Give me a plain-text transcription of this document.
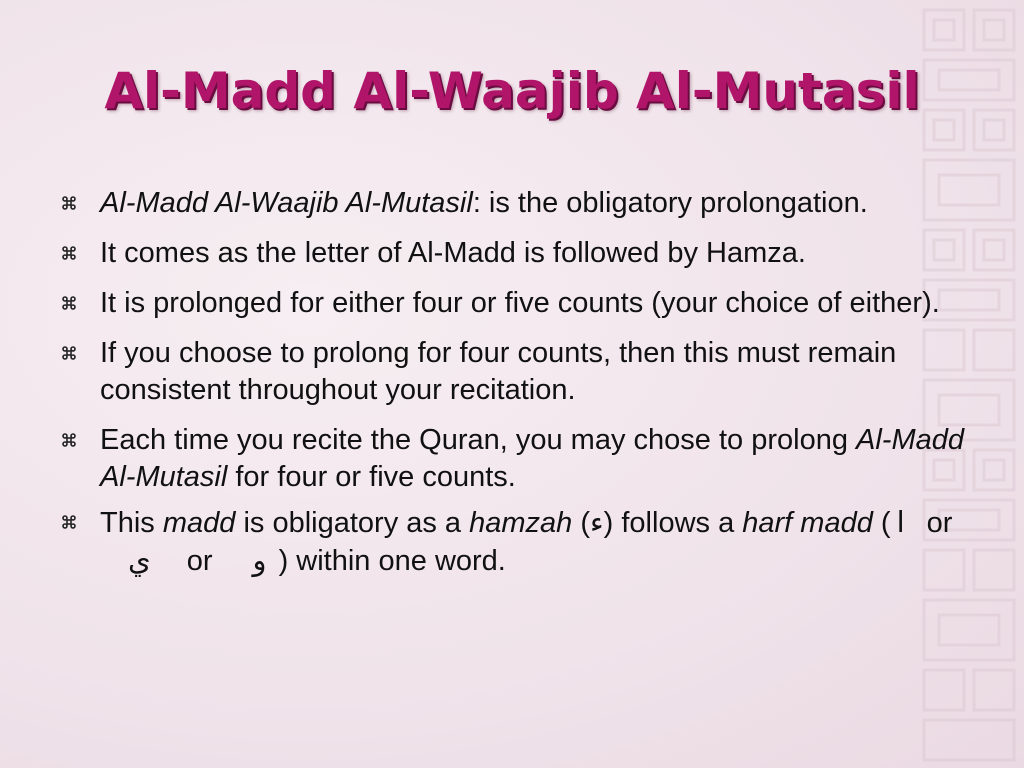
Al-Madd Al-Waajib Al-Mutasil
Al-Madd Al-Waajib Al-Mutasil: is the obligatory prolongation.
It comes as the letter of Al-Madd is followed by Hamza.
It is prolonged for either four or five counts (your choice of either).
If you choose to prolong for four counts, then this must remain consistent throughout your recitation.
Each time you recite the Quran, you may chose to prolong Al-Madd Al-Mutasil for four or five counts.
This madd is obligatory as a hamzah (ء) follows a harf madd ( ا orي or و ) within one word.
